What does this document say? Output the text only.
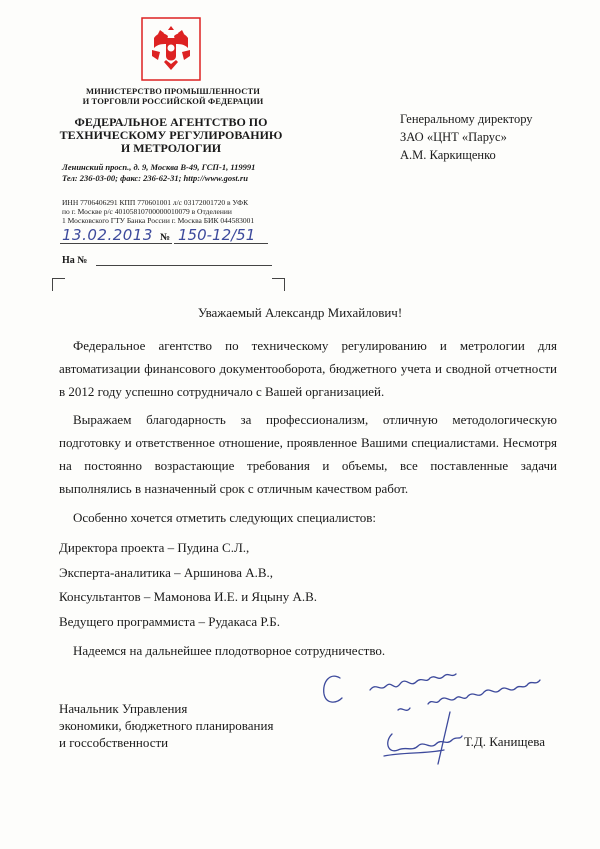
МИНИСТЕРСТВО ПРОМЫШЛЕННОСТИ
И ТОРГОВЛИ РОССИЙСКОЙ ФЕДЕРАЦИИ
ФЕДЕРАЛЬНОЕ АГЕНТСТВО ПО
ТЕХНИЧЕСКОМУ РЕГУЛИРОВАНИЮ
И МЕТРОЛОГИИ
Ленинский просп., д. 9, Москва В-49, ГСП-1, 119991
Тел: 236-03-00; факс: 236-62-31; http://www.gost.ru
ИНН 7706406291 КПП 770601001 л/с 03172001720 в УФК
по г. Москве р/с 40105810700000010079 в Отделении
1 Московского ГТУ Банка России г. Москва БИК 044583001
Генеральному директору
ЗАО «ЦНТ «Парус»
А.М. Каркищенко
13.02.2013 № 150-12/51
На №
Уважаемый Александр Михайлович!
Федеральное агентство по техническому регулированию и метрологии для автоматизации финансового документооборота, бюджетного учета и сводной отчетности в 2012 году успешно сотрудничало с Вашей организацией.
Выражаем благодарность за профессионализм, отличную методологическую подготовку и ответственное отношение, проявленное Вашими специалистами. Несмотря на постоянно возрастающие требования и объемы, все поставленные задачи выполнялись в назначенный срок с отличным качеством работ.
Особенно хочется отметить следующих специалистов:
Директора проекта – Пудина С.Л.,
Эксперта-аналитика – Аршинова А.В.,
Консультантов – Мамонова И.Е. и Яцыну А.В.
Ведущего программиста – Рудакаса Р.Б.
Надеемся на дальнейшее плодотворное сотрудничество.
Начальник Управления
экономики, бюджетного планирования
и госсобственности	Т.Д. Канищева
